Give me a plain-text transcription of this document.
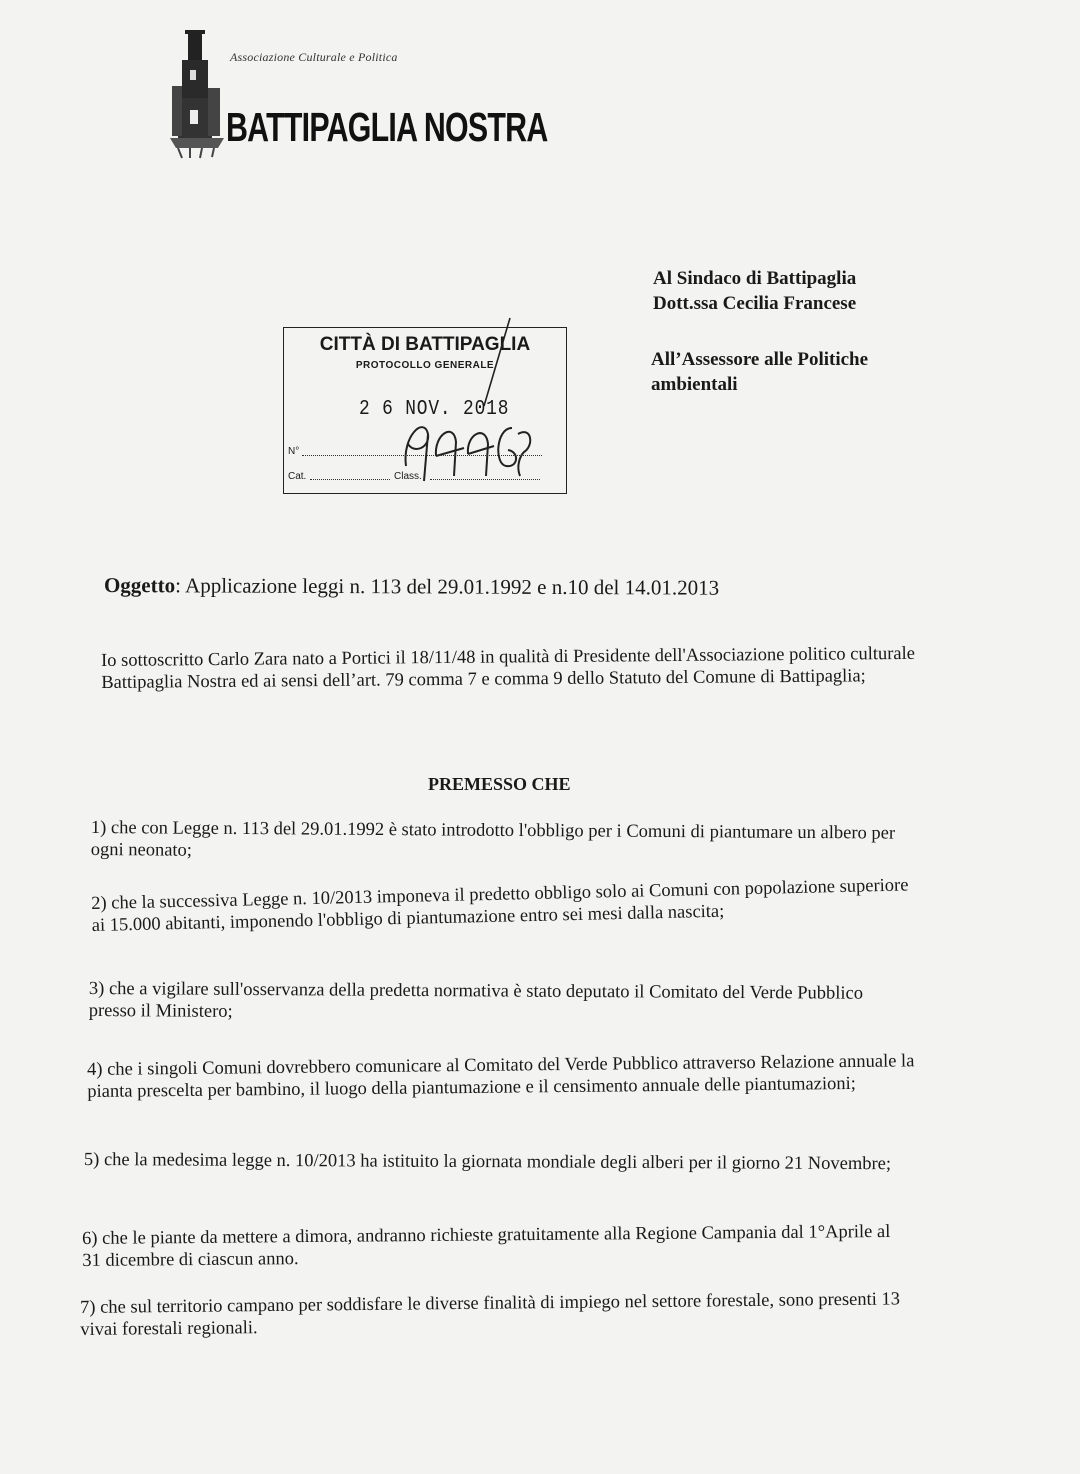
Associazione Culturale e Politica
BATTIPAGLIA NOSTRA
Al Sindaco di Battipaglia
Dott.ssa Cecilia Francese
All’Assessore alle Politiche
ambientali
CITTÀ DI BATTIPAGLIA
PROTOCOLLO GENERALE
2 6 NOV. 2018
N°
Cat.	Class.
Oggetto: Applicazione leggi n. 113 del 29.01.1992 e n.10 del 14.01.2013
Io sottoscritto Carlo Zara nato a Portici il 18/11/48 in qualità di Presidente dell'Associazione politico culturale Battipaglia Nostra ed ai sensi dell’art. 79 comma 7 e comma 9 dello Statuto del Comune di Battipaglia;
PREMESSO CHE
1) che con Legge n. 113 del 29.01.1992 è stato introdotto l'obbligo per i Comuni di piantumare un albero per ogni neonato;
2) che la successiva Legge n. 10/2013 imponeva il predetto obbligo solo ai Comuni con popolazione superiore ai 15.000 abitanti, imponendo l'obbligo di piantumazione entro sei mesi dalla nascita;
3) che a vigilare sull'osservanza della predetta normativa è stato deputato il Comitato del Verde Pubblico presso il Ministero;
4) che i singoli Comuni dovrebbero comunicare al Comitato del Verde Pubblico attraverso Relazione annuale la pianta prescelta per bambino, il luogo della piantumazione e il censimento annuale delle piantumazioni;
5) che la medesima legge n. 10/2013 ha istituito la giornata mondiale degli alberi per il giorno 21 Novembre;
6) che le piante da mettere a dimora, andranno richieste gratuitamente alla Regione Campania dal 1°Aprile al 31 dicembre di ciascun anno.
7) che sul territorio campano per soddisfare le diverse finalità di impiego nel settore forestale, sono presenti 13 vivai forestali regionali.
